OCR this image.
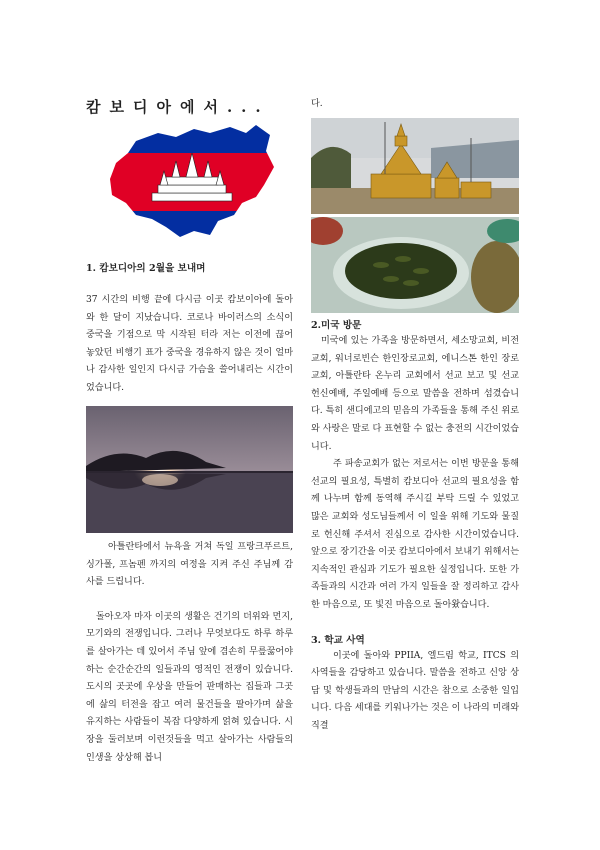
캄보디아에서...

1. 캄보디아의 2월을 보내며

37 시간의 비행 끝에 다시금 이곳 캄보이아에 돌아와 한 달이 지났습니다. 코로나 바이러스의 소식이 중국을 기점으로 막 시작된 터라 저는 이전에 끊어 놓았던 비행기 표가 중국을 경유하지 않은 것이 얼마나 감사한 일인지 다시금 가슴을 쓸어내리는 시간이었습니다.

아틀란타에서 뉴욕을 거쳐 독일 프랑크푸르트, 싱가폴, 프놈펜 까지의 여정을 지켜 주신 주님께 감사를 드립니다.

돌아오자 마자 이곳의 생활은 건기의 더위와 먼지, 모기와의 전쟁입니다. 그러나 무엇보다도 하루 하루를 살아가는 데 있어서 주님 앞에 겸손히 무릎꿇어야 하는 순간순간의 일들과의 영적인 전쟁이 있습니다. 도시의 곳곳에 우상을 만들어 판매하는 집들과 그곳에 삶의 터전을 잡고 여러 물건들을 팔아가며 삶을 유지하는 사람들이 복잡 다양하게 얽혀 있습니다. 시장을 둘러보며 이런것들을 먹고 살아가는 사람들의 인생을 상상해 봅니

다.

2.미국 방문

미국에 있는 가족을 방문하면서, 세소망교회, 비전교회, 워너로빈슨 한인장로교회, 에니스톤 한인 장로교회, 아틀란타 온누리 교회에서 선교 보고 및 선교 헌신예배, 주일예배 등으로 말씀을 전하며 섬겼습니다. 특히 샌디에고의 믿음의 가족들을 통해 주신 위로와 사랑은 말로 다 표현할 수 없는 충전의 시간이었습니다.

주 파송교회가 없는 저로서는 이번 방문을 통해 선교의 필요성, 특별히 캄보디아 선교의 필요성을 함께 나누며 함께 동역해 주시길 부탁 드릴 수 있었고 많은 교회와 성도님들께서 이 일을 위해 기도와 물질로 헌신해 주셔서 진심으로 감사한 시간이었습니다. 앞으로 장기간을 이곳 캄보디아에서 보내기 위해서는 지속적인 관심과 기도가 필요한 실정입니다. 또한 가족들과의 시간과 여러 가지 일들을 잘 정리하고 감사한 마음으로, 또 빛진 마음으로 돌아왔습니다.

3. 학교 사역

이곳에 돌아와 PPIIA, 엘드림 학교, ITCS 의 사역들을 감당하고 있습니다. 말씀을 전하고 신앙 상담 및 학생들과의 만남의 시간은 참으로 소중한 일입니다. 다음 세대를 키워나가는 것은 이 나라의 미래와 직결
